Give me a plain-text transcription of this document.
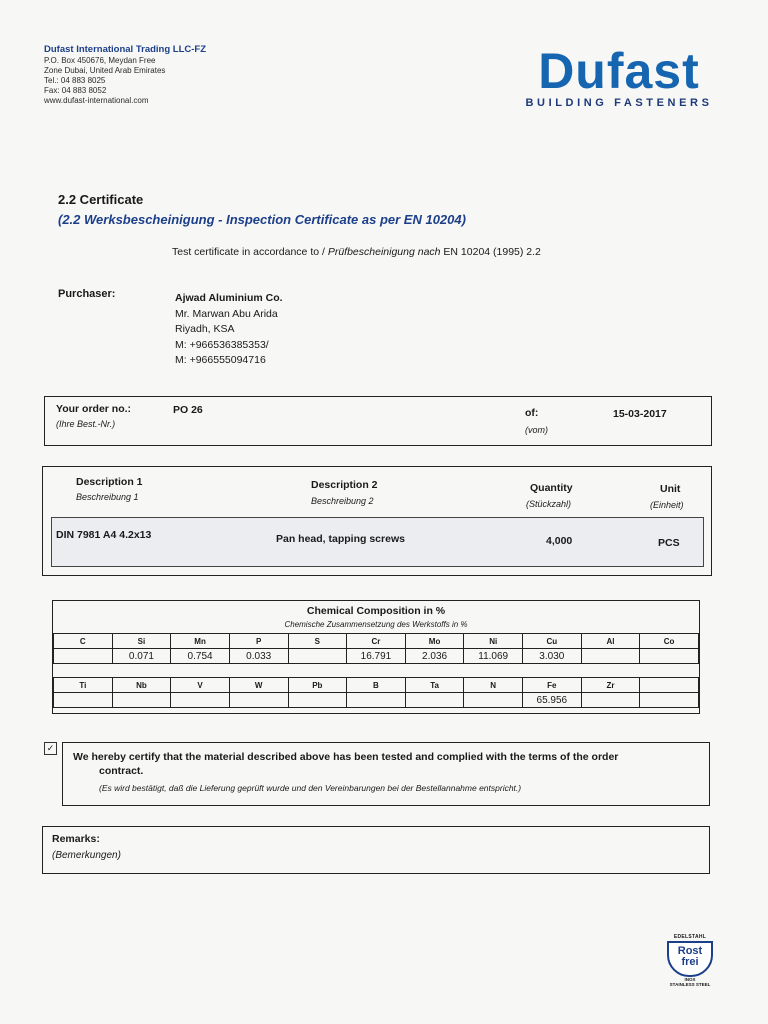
Dufast International Trading LLC-FZ
P.O. Box 450676, Meydan Free
Zone Dubai, United Arab Emirates
Tel.: 04 883 8025
Fax: 04 883 8052
www.dufast-international.com
Dufast
BUILDING FASTENERS
2.2 Certificate
(2.2 Werksbescheinigung - Inspection Certificate as per EN 10204)
Test certificate in accordance to / Prüfbescheinigung nach EN 10204 (1995) 2.2
Purchaser:	Ajwad Aluminium Co.
Mr. Marwan Abu Arida
Riyadh, KSA
M: +966536385353/
M: +966555094716
Your order no.:
(Ihre Best.-Nr.)
PO 26	of:
(vom)
15-03-2017
Description 1
Beschreibung 1
Description 2
Beschreibung 2
Quantity
(Stückzahl)
Unit
(Einheit)
DIN 7981 A4 4.2x13	Pan head, tapping screws	4,000	PCS
Chemical Composition in %
Chemische Zusammensetzung des Werkstoffs in %
C	Si	Mn	P	S	Cr	Mo	Ni	Cu	Al	Co
	0.071	0.754	0.033		16.791	2.036	11.069	3.030		
Ti	Nb	V	W	Pb	B	Ta	N	Fe	Zr	
								65.956		
✓
We hereby certify that the material described above has been tested and complied with the terms of the order
contract.
(Es wird bestätigt, daß die Lieferung geprüft wurde und den Vereinbarungen bei der Bestellannahme entspricht.)
Remarks:
(Bemerkungen)
EDELSTAHL
Rost
frei
INOX
STAINLESS STEEL
